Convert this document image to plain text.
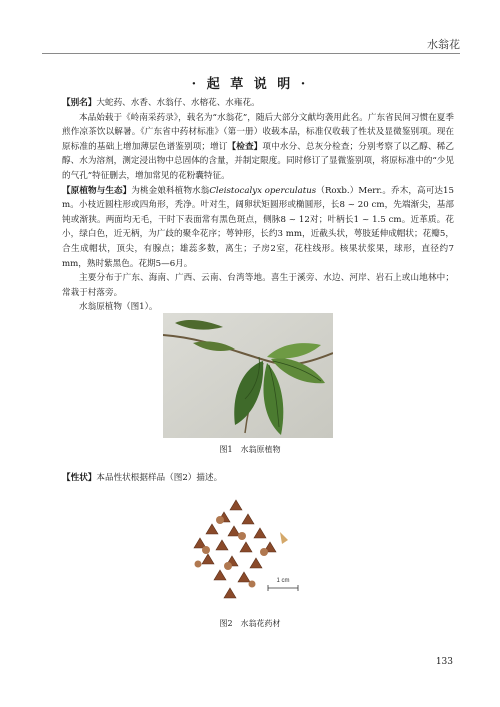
水翁花
· 起 草 说 明 ·

【别名】大蛇药、水香、水翁仔、水榕花、水雍花。

本品始载于《岭南采药录》，载名为“水翁花”，随后大部分文献均袭用此名。广东省民间习惯在夏季煎作凉茶饮以解暑。《广东省中药材标准》（第一册）收载本品，标准仅收载了性状及显微鉴别项。现在原标准的基础上增加薄层色谱鉴别项；增订【检查】项中水分、总灰分检查；分别考察了以乙醇、稀乙醇、水为溶剂，测定浸出物中总固体的含量，并制定限度。同时修订了显微鉴别项，将原标准中的“少见的气孔”特征删去，增加常见的花粉囊特征。

【原植物与生态】为桃金娘科植物水翁Cleistocalyx operculatus（Roxb.）Merr.。乔木，高可达15 m。小枝近圆柱形或四角形，秃净。叶对生，阔卵状矩圆形或椭圆形，长8 ~ 20 cm，先端渐尖，基部钝或渐狭。两面均无毛，干时下表面常有黑色斑点，侧脉8 ~ 12对；叶柄长1 ~ 1.5 cm。近革质。花小，绿白色，近无柄，为广歧的聚伞花序；萼钟形，长约3 mm，近截头状，萼肢延伸成帽状；花瓣5，合生成帽状，顶尖，有腺点；雄蕊多数，离生；子房2室，花柱线形。核果状浆果，球形，直径约7 mm，熟时紫黑色。花期5—6月。

主要分布于广东、海南、广西、云南、台湾等地。喜生于溪旁、水边、河岸、岩石上或山地林中；常栽于村落旁。

水翁原植物（图1）。

图1　水翁原植物

【性状】本品性状根据样品（图2）描述。

1 cm
图2　水翁花药材
133
